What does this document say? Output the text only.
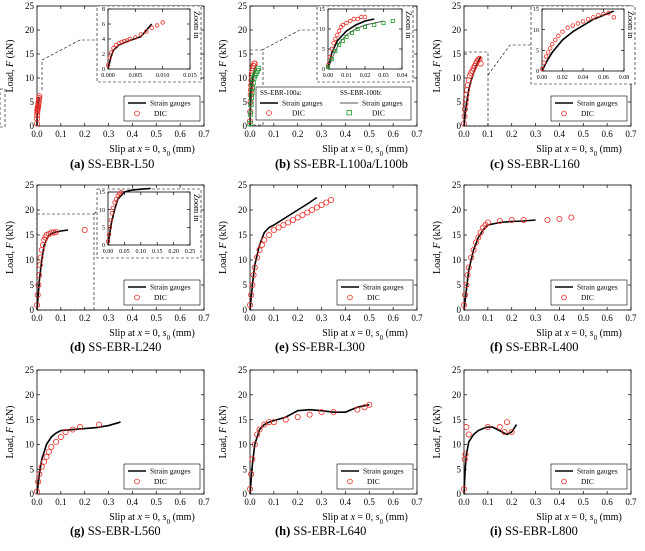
0.0 0.1 0.2 0.3 0.4 0.5 0.6 0.7
0
5
10
15
20
25
Slip at x = 0, $s_0$ (mm)
Load, F (kN)
0.000 0.005 0.010 0.015
0
2
4
6
8
Zoom in
Strain gauges
DIC
0.0 0.1 0.2 0.3 0.4 0.5 0.6 0.7
0
5
10
15
20
25
Slip at x = 0, $s_0$ (mm)
Load, F (kN)
0.00 0.01 0.02 0.03 0.04
0
5
10
15
Zoom in
SS-EBR-100a:	SS-EBR-100b:
Strain gauges
DIC
Strain gauges
DIC
0.0 0.1 0.2 0.3 0.4 0.5 0.6 0.7
0
5
10
15
20
25
Slip at x = 0, $s_0$ (mm)
Load, F (kN)
0.00 0.02 0.04 0.06 0.08
0
5
10
15
Zoom in
Strain gauges
DIC
0.0 0.1 0.2 0.3 0.4 0.5 0.6 0.7
0
5
10
15
20
25
Slip at x = 0, $s_0$ (mm)
Load, F (kN)
0.00 0.05 0.10 0.15 0.20 0.25
0
5
10
15
Zoom in
Strain gauges
DIC
0.0 0.1 0.2 0.3 0.4 0.5 0.6 0.7
0
5
10
15
20
25
Slip at x = 0, $s_0$ (mm)
Load, F (kN)
Strain gauges
DIC
0.0 0.1 0.2 0.3 0.4 0.5 0.6 0.7
0
5
10
15
20
25
Slip at x = 0, $s_0$ (mm)
Load, F (kN)
Strain gauges
DIC
0.0 0.1 0.2 0.3 0.4 0.5 0.6 0.7
0
5
10
15
20
25
Slip at x = 0, $s_0$ (mm)
Load, F (kN)
Strain gauges
DIC
0.0 0.1 0.2 0.3 0.4 0.5 0.6 0.7
0
5
10
15
20
25
Slip at x = 0, $s_0$ (mm)
Load, F (kN)
Strain gauges
DIC
0.0 0.1 0.2 0.3 0.4 0.5 0.6 0.7
0
5
10
15
20
25
Slip at x = 0, $s_0$ (mm)
Load, F (kN)
Strain gauges
DIC
(a) SS-EBR-L50	(b) SS-EBR-L100a/L100b	(c) SS-EBR-L160
(d) SS-EBR-L240	(e) SS-EBR-L300	(f) SS-EBR-L400
(g) SS-EBR-L560	(h) SS-EBR-L640	(i) SS-EBR-L800
